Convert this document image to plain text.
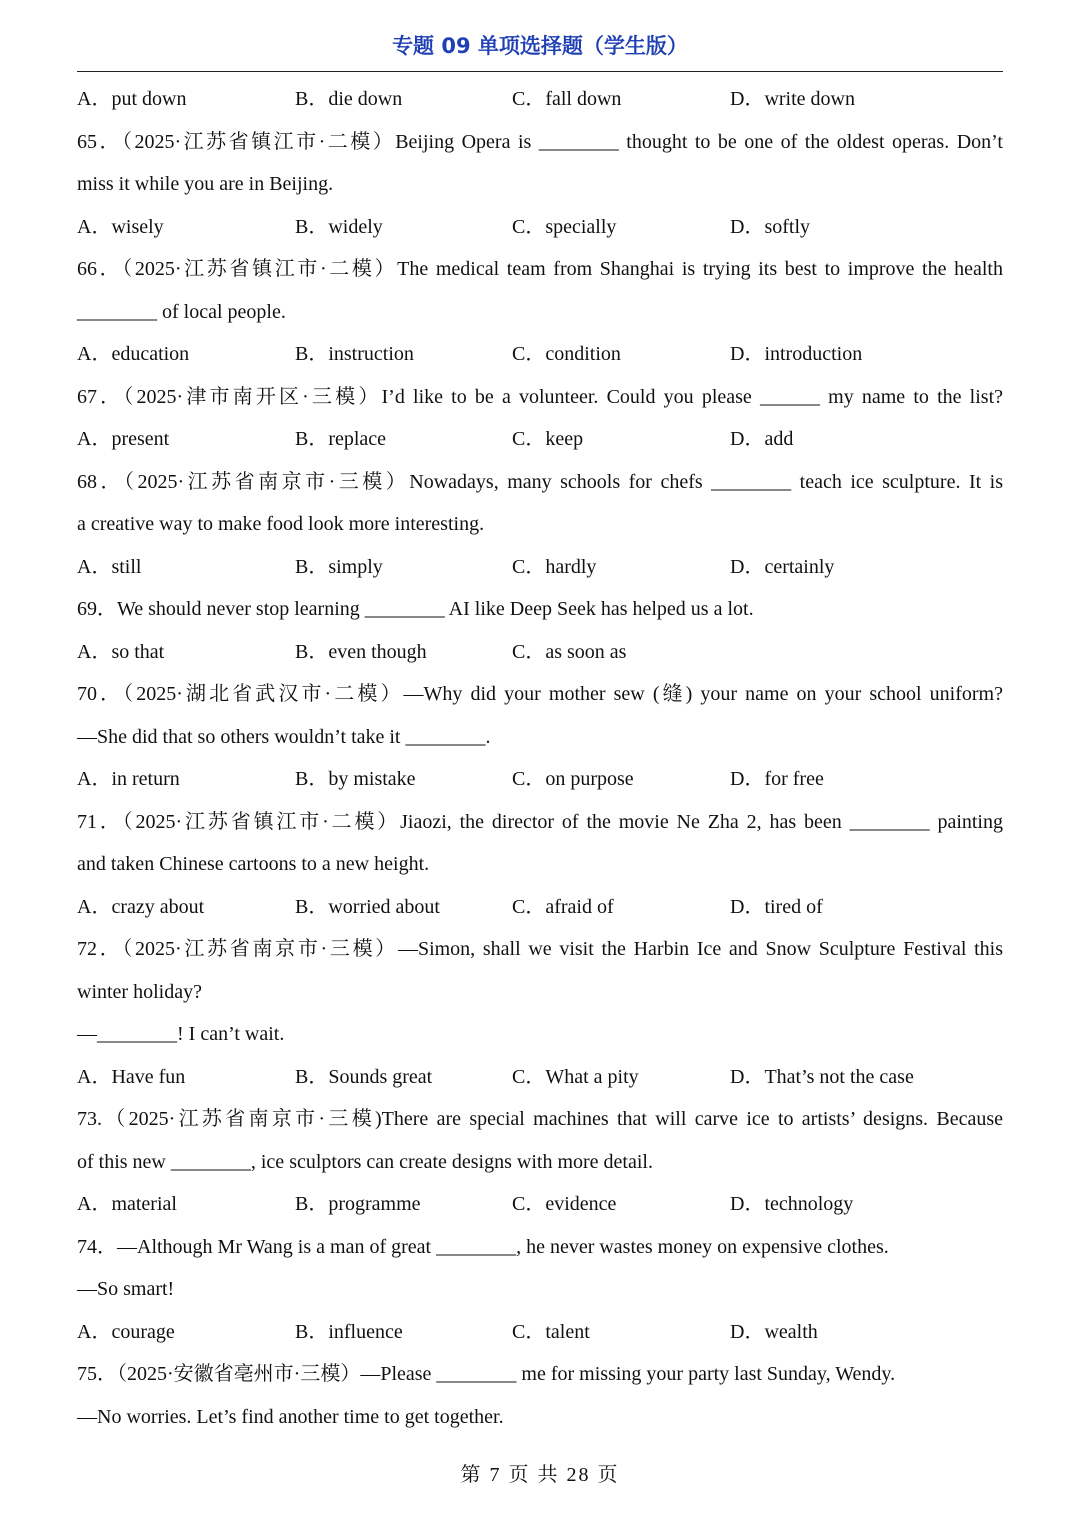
专题 09 单项选择题（学生版）
A．put down	B．die down	C．fall down	D．write down
65．（2025·江苏省镇江市·二模）Beijing Opera is ________ thought to be one of the oldest operas. Don’t
miss it while you are in Beijing.
A．wisely	B．widely	C．specially	D．softly
66．（2025·江苏省镇江市·二模）The medical team from Shanghai is trying its best to improve the health
________ of local people.
A．education	B．instruction	C．condition	D．introduction
67．（2025·津市南开区·三模）I’d like to be a volunteer. Could you please ______ my name to the list?
A．present	B．replace	C．keep	D．add
68．（2025·江苏省南京市·三模）Nowadays, many schools for chefs ________ teach ice sculpture. It is
a creative way to make food look more interesting.
A．still	B．simply	C．hardly	D．certainly
69．We should never stop learning ________ AI like Deep Seek has helped us a lot.
A．so that	B．even though	C．as soon as
70．（2025·湖北省武汉市·二模）—Why did your mother sew (缝) your name on your school uniform?
—She did that so others wouldn’t take it ________.
A．in return	B．by mistake	C．on purpose	D．for free
71．（2025·江苏省镇江市·二模）Jiaozi, the director of the movie Ne Zha 2, has been ________ painting
and taken Chinese cartoons to a new height.
A．crazy about	B．worried about	C．afraid of	D．tired of
72．（2025·江苏省南京市·三模）—Simon, shall we visit the Harbin Ice and Snow Sculpture Festival this
winter holiday?
—________! I can’t wait.
A．Have fun	B．Sounds great	C．What a pity	D．That’s not the case
73.（2025·江苏省南京市·三模)There are special machines that will carve ice to artists’ designs. Because
of this new ________, ice sculptors can create designs with more detail.
A．material	B．programme	C．evidence	D．technology
74．—Although Mr Wang is a man of great ________, he never wastes money on expensive clothes.
—So smart!
A．courage	B．influence	C．talent	D．wealth
75．（2025·安徽省亳州市·三模）—Please ________ me for missing your party last Sunday, Wendy.
—No worries. Let’s find another time to get together.
第 7 页 共 28 页
